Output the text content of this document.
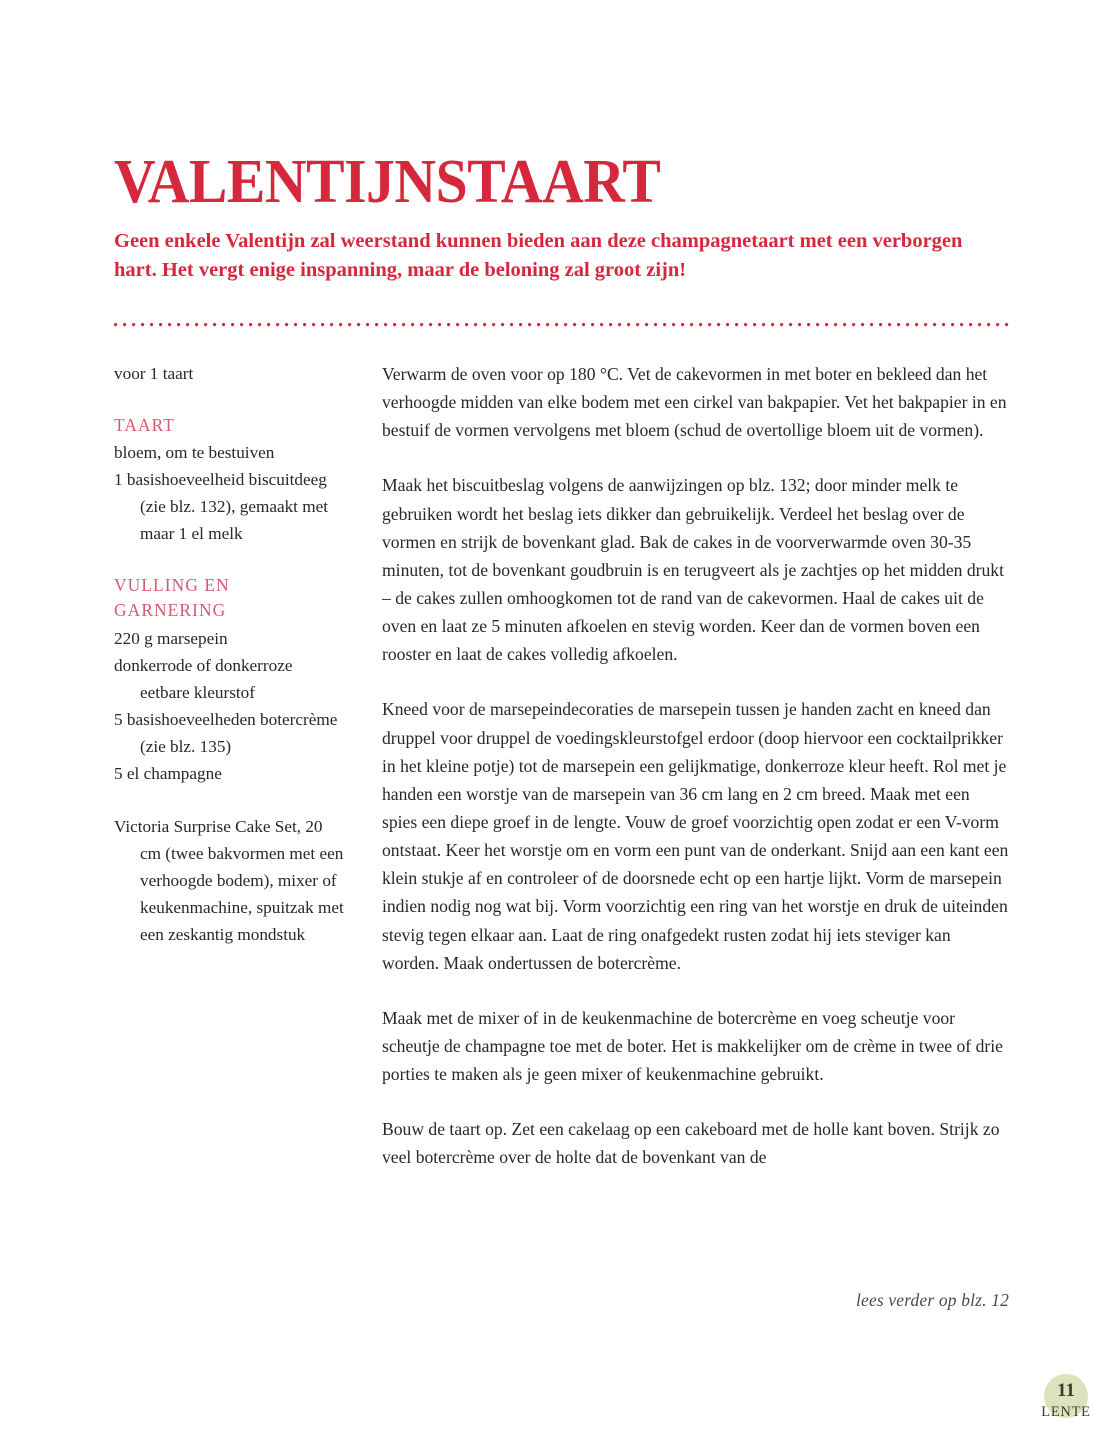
VALENTIJNSTAART

Geen enkele Valentijn zal weerstand kunnen bieden aan deze champagnetaart met een verborgen hart. Het vergt enige inspanning, maar de beloning zal groot zijn!

voor 1 taart
TAART
bloem, om te bestuiven
1 basishoeveelheid biscuitdeeg (zie blz. 132), gemaakt met maar 1 el melk
VULLING EN GARNERING
220 g marsepein
donkerrode of donkerroze eetbare kleurstof
5 basishoeveelheden botercrème (zie blz. 135)
5 el champagne
Victoria Surprise Cake Set, 20 cm (twee bakvormen met een verhoogde bodem), mixer of keukenmachine, spuitzak met een zeskantig mondstuk

Verwarm de oven voor op 180 °C. Vet de cakevormen in met boter en bekleed dan het verhoogde midden van elke bodem met een cirkel van bakpapier. Vet het bakpapier in en bestuif de vormen vervolgens met bloem (schud de overtollige bloem uit de vormen).

Maak het biscuitbeslag volgens de aanwijzingen op blz. 132; door minder melk te gebruiken wordt het beslag iets dikker dan gebruikelijk. Verdeel het beslag over de vormen en strijk de bovenkant glad. Bak de cakes in de voorverwarmde oven 30-35 minuten, tot de bovenkant goudbruin is en terugveert als je zachtjes op het midden drukt – de cakes zullen omhoogkomen tot de rand van de cakevormen. Haal de cakes uit de oven en laat ze 5 minuten afkoelen en stevig worden. Keer dan de vormen boven een rooster en laat de cakes volledig afkoelen.

Kneed voor de marsepeindecoraties de marsepein tussen je handen zacht en kneed dan druppel voor druppel de voedingskleurstofgel erdoor (doop hiervoor een cocktailprikker in het kleine potje) tot de marsepein een gelijkmatige, donkerroze kleur heeft. Rol met je handen een worstje van de marsepein van 36 cm lang en 2 cm breed. Maak met een spies een diepe groef in de lengte. Vouw de groef voorzichtig open zodat er een V-vorm ontstaat. Keer het worstje om en vorm een punt van de onderkant. Snijd aan een kant een klein stukje af en controleer of de doorsnede echt op een hartje lijkt. Vorm de marsepein indien nodig nog wat bij. Vorm voorzichtig een ring van het worstje en druk de uiteinden stevig tegen elkaar aan. Laat de ring onafgedekt rusten zodat hij iets steviger kan worden. Maak ondertussen de botercrème.

Maak met de mixer of in de keukenmachine de botercrème en voeg scheutje voor scheutje de champagne toe met de boter. Het is makkelijker om de crème in twee of drie porties te maken als je geen mixer of keukenmachine gebruikt.

Bouw de taart op. Zet een cakelaag op een cakeboard met de holle kant boven. Strijk zo veel botercrème over de holte dat de bovenkant van de

lees verder op blz. 12
11
LENTE
